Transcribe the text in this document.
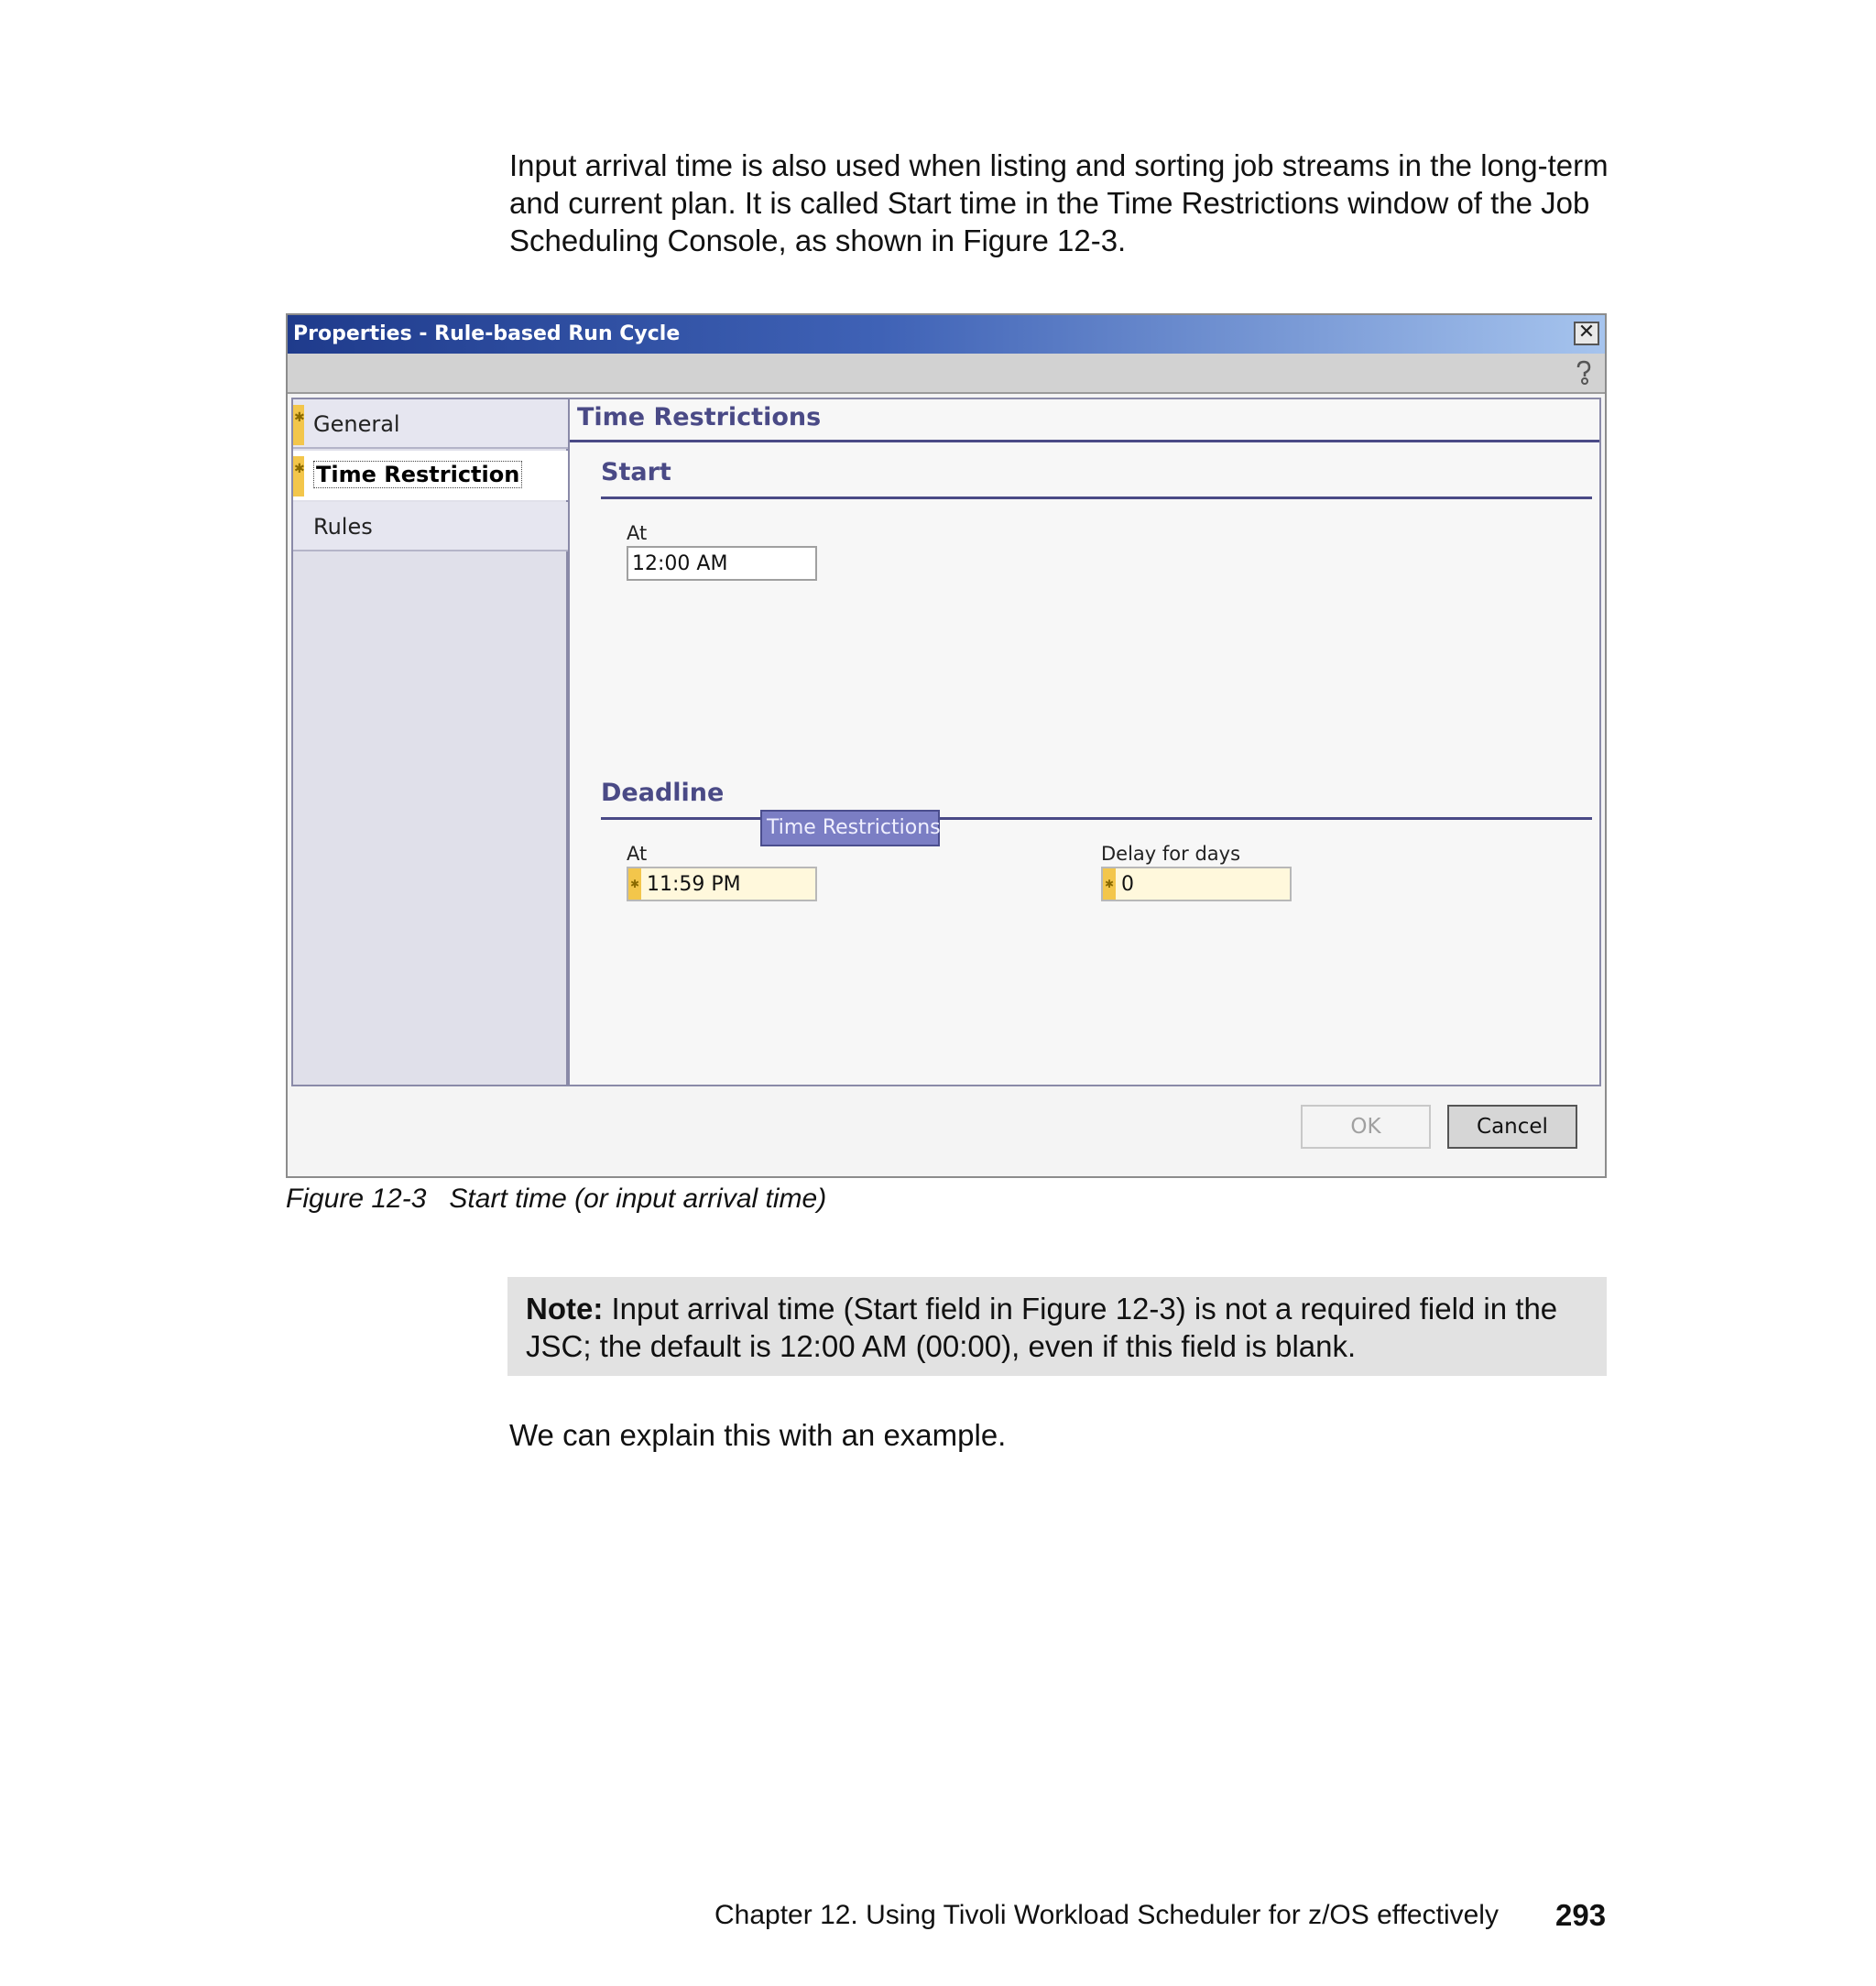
Input arrival time is also used when listing and sorting job streams in the long-term and current plan. It is called Start time in the Time Restrictions window of the Job Scheduling Console, as shown in Figure 12-3.
Properties - Rule-based Run Cycle	✕
✱ General
✱ Time Restriction
Rules
Time Restrictions
Start
At
12:00 AM
Deadline
At
✱ 11:59 PM
Delay for days
✱ 0
Time Restrictions
OK	Cancel
Figure 12-3   Start time (or input arrival time)
Note: Input arrival time (Start field in Figure 12-3) is not a required field in the JSC; the default is 12:00 AM (00:00), even if this field is blank.
We can explain this with an example.
Chapter 12. Using Tivoli Workload Scheduler for z/OS effectively 293
